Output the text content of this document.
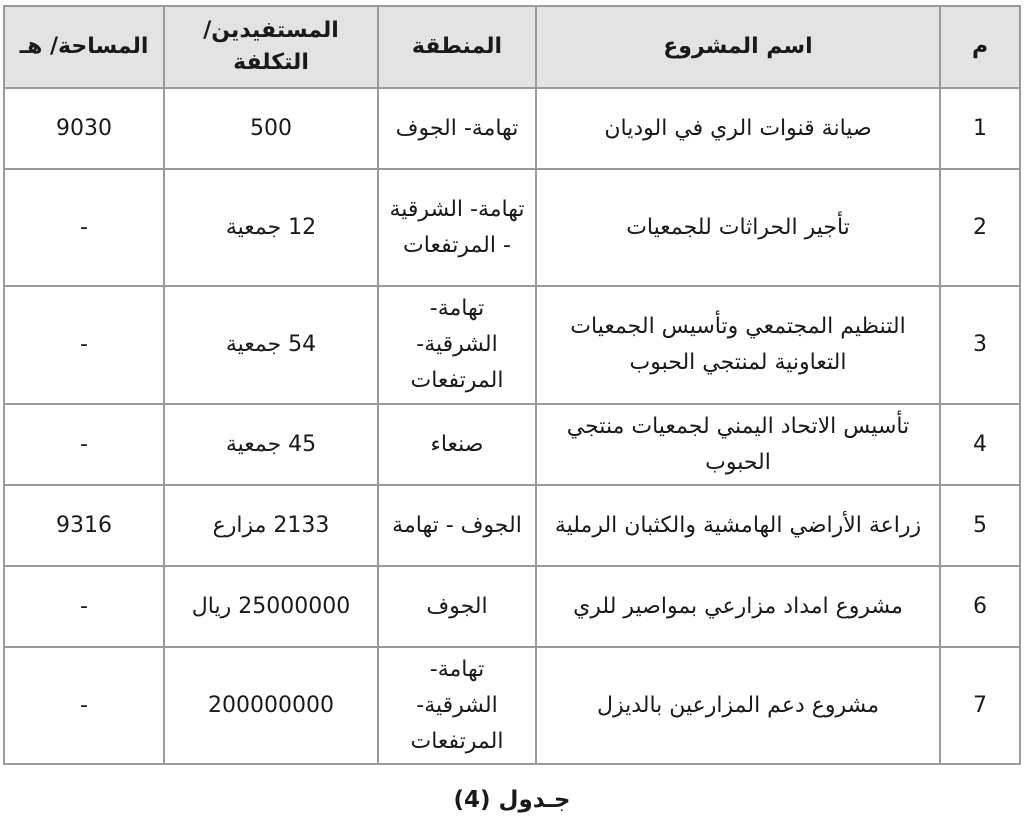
م	اسم المشروع	المنطقة	المستفيدين/ التكلفة	المساحة/ هـ
1	صيانة قنوات الري في الوديان	تهامة- الجوف	500	9030
2	تأجير الحراثات للجمعيات	تهامة- الشرقية - المرتفعات	12 جمعية	-
3	التنظيم المجتمعي وتأسيس الجمعيات التعاونية لمنتجي الحبوب	تهامة- الشرقية- المرتفعات	54 جمعية	-
4	تأسيس الاتحاد اليمني لجمعيات منتجي الحبوب	صنعاء	45 جمعية	-
5	زراعة الأراضي الهامشية والكثبان الرملية	الجوف - تهامة	2133 مزارع	9316
6	مشروع امداد مزارعي بمواصير للري	الجوف	25000000 ريال	-
7	مشروع دعم المزارعين بالديزل	تهامة- الشرقية- المرتفعات	200000000	-
جـدول (4)
